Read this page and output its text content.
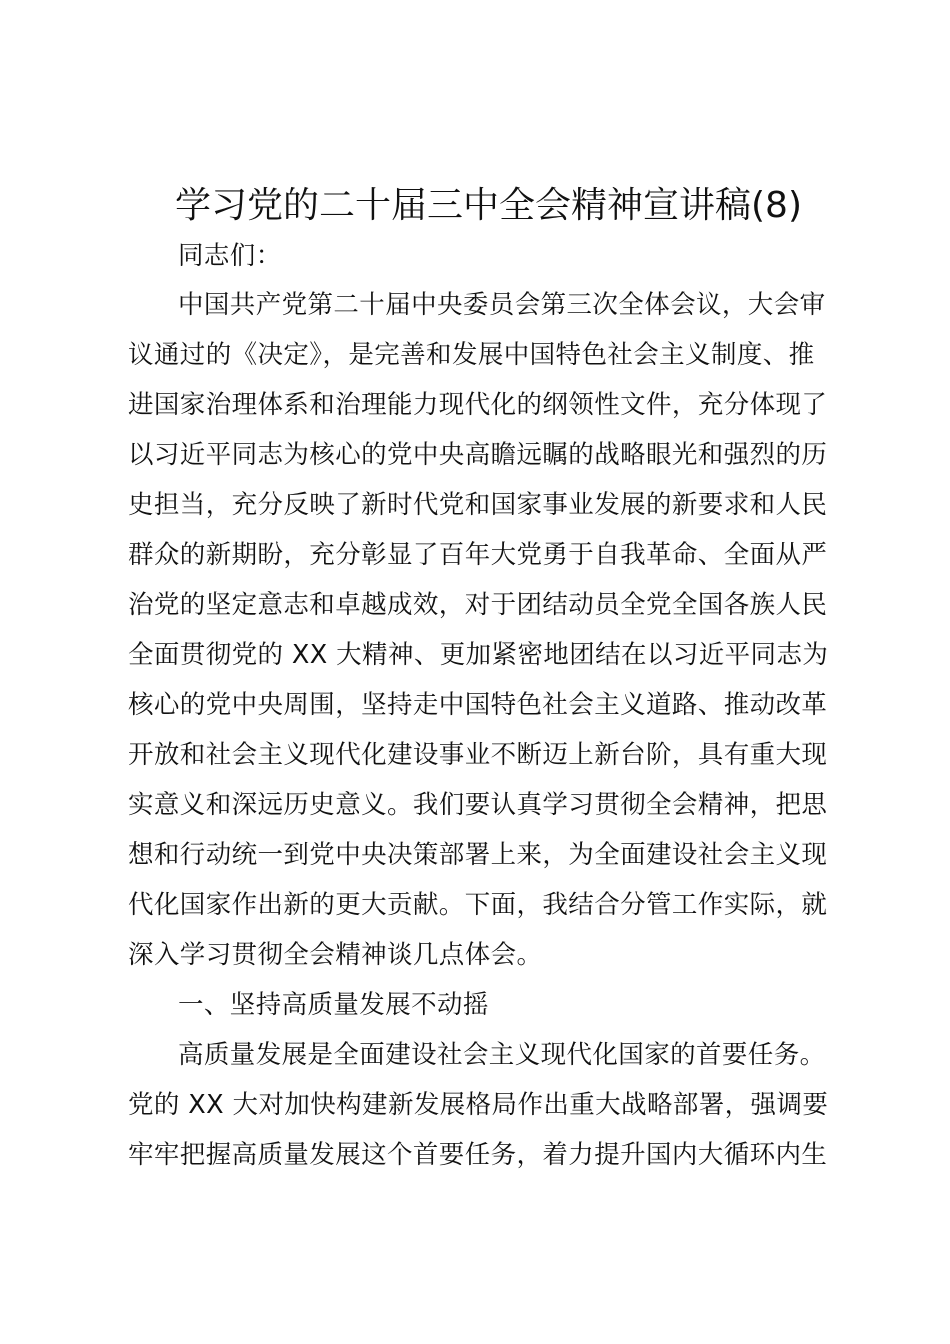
学习党的二十届三中全会精神宣讲稿(8)
同志们：
中国共产党第二十届中央委员会第三次全体会议，大会审
议通过的《决定》，是完善和发展中国特色社会主义制度、推
进国家治理体系和治理能力现代化的纲领性文件，充分体现了
以习近平同志为核心的党中央高瞻远瞩的战略眼光和强烈的历
史担当，充分反映了新时代党和国家事业发展的新要求和人民
群众的新期盼，充分彰显了百年大党勇于自我革命、全面从严
治党的坚定意志和卓越成效，对于团结动员全党全国各族人民
全面贯彻党的 XX 大精神、更加紧密地团结在以习近平同志为
核心的党中央周围，坚持走中国特色社会主义道路、推动改革
开放和社会主义现代化建设事业不断迈上新台阶，具有重大现
实意义和深远历史意义。我们要认真学习贯彻全会精神，把思
想和行动统一到党中央决策部署上来，为全面建设社会主义现
代化国家作出新的更大贡献。下面，我结合分管工作实际，就
深入学习贯彻全会精神谈几点体会。
一、坚持高质量发展不动摇
高质量发展是全面建设社会主义现代化国家的首要任务。
党的 XX 大对加快构建新发展格局作出重大战略部署，强调要
牢牢把握高质量发展这个首要任务，着力提升国内大循环内生
